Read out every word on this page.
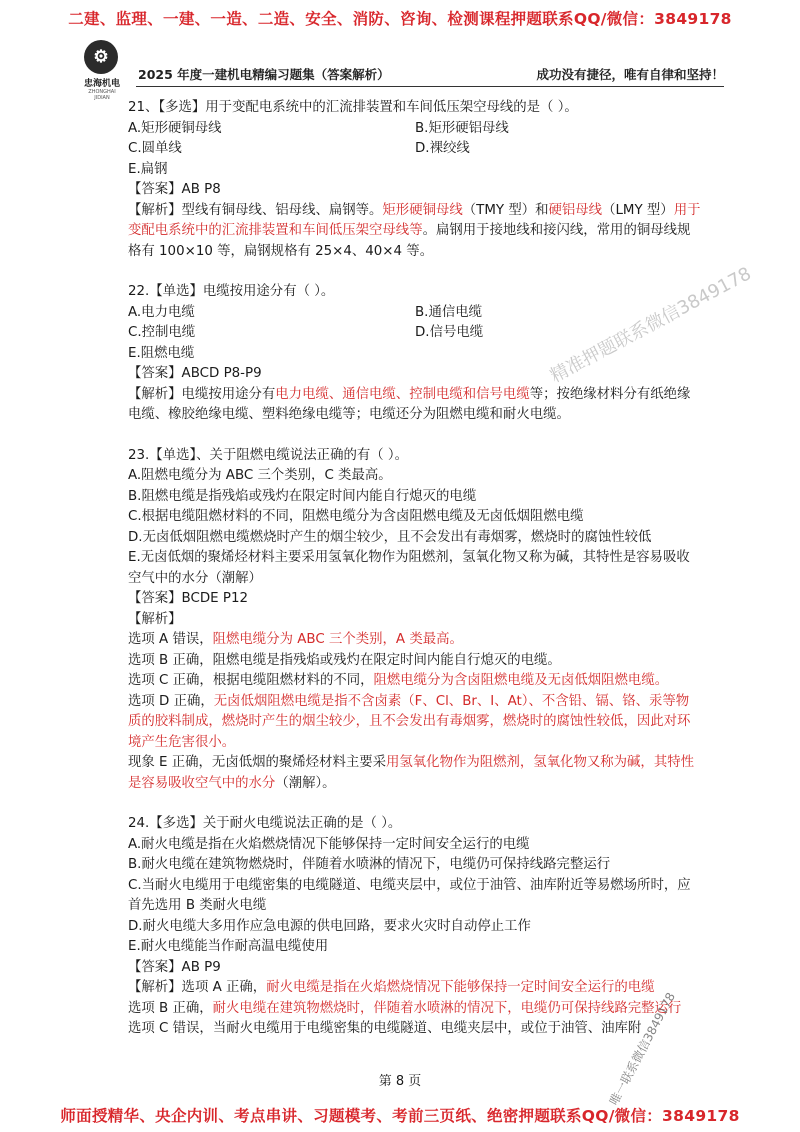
二建、监理、一建、一造、二造、安全、消防、咨询、检测课程押题联系QQ/微信：3849178
⚙
忠海机电
ZHONGHAI JIDIAN
2025 年度一建机电精编习题集（答案解析）	成功没有捷径，唯有自律和坚持！
精准押题联系微信3849178
21、【多选】用于变配电系统中的汇流排装置和车间低压架空母线的是（ ）。
A.矩形硬铜母线	B.矩形硬铝母线
C.圆单线	D.裸绞线
E.扁钢
【答案】AB P8
【解析】型线有铜母线、铝母线、扁钢等。矩形硬铜母线（TMY 型）和硬铝母线（LMY 型）用于变配电系统中的汇流排装置和车间低压架空母线等。扁钢用于接地线和接闪线，常用的铜母线规格有 100×10 等，扁钢规格有 25×4、40×4 等。
22.【单选】电缆按用途分有（ ）。
A.电力电缆	B.通信电缆
C.控制电缆	D.信号电缆
E.阻燃电缆
【答案】ABCD P8-P9
【解析】电缆按用途分有电力电缆、通信电缆、控制电缆和信号电缆等；按绝缘材料分有纸绝缘电缆、橡胶绝缘电缆、塑料绝缘电缆等；电缆还分为阻燃电缆和耐火电缆。
23.【单选】、关于阻燃电缆说法正确的有（ ）。
A.阻燃电缆分为 ABC 三个类别，C 类最高。
B.阻燃电缆是指残焰或残灼在限定时间内能自行熄灭的电缆
C.根据电缆阻燃材料的不同，阻燃电缆分为含卤阻燃电缆及无卤低烟阻燃电缆
D.无卤低烟阻燃电缆燃烧时产生的烟尘较少，且不会发出有毒烟雾，燃烧时的腐蚀性较低
E.无卤低烟的聚烯烃材料主要采用氢氧化物作为阻燃剂，氢氧化物又称为碱，其特性是容易吸收空气中的水分（潮解）
【答案】BCDE P12
【解析】
选项 A 错误，阻燃电缆分为 ABC 三个类别，A 类最高。
选项 B 正确，阻燃电缆是指残焰或残灼在限定时间内能自行熄灭的电缆。
选项 C 正确，根据电缆阻燃材料的不同，阻燃电缆分为含卤阻燃电缆及无卤低烟阻燃电缆。
选项 D 正确，无卤低烟阻燃电缆是指不含卤素（F、Cl、Br、I、At）、不含铅、镉、铬、汞等物质的胶料制成，燃烧时产生的烟尘较少，且不会发出有毒烟雾，燃烧时的腐蚀性较低，因此对环境产生危害很小。
现象 E 正确，无卤低烟的聚烯烃材料主要采用氢氧化物作为阻燃剂，氢氧化物又称为碱，其特性是容易吸收空气中的水分（潮解）。
24.【多选】关于耐火电缆说法正确的是（ ）。
A.耐火电缆是指在火焰燃烧情况下能够保持一定时间安全运行的电缆
B.耐火电缆在建筑物燃烧时，伴随着水喷淋的情况下，电缆仍可保持线路完整运行
C.当耐火电缆用于电缆密集的电缆隧道、电缆夹层中，或位于油管、油库附近等易燃场所时，应首先选用 B 类耐火电缆
D.耐火电缆大多用作应急电源的供电回路，要求火灾时自动停止工作
E.耐火电缆能当作耐高温电缆使用
【答案】AB P9
【解析】选项 A 正确，耐火电缆是指在火焰燃烧情况下能够保持一定时间安全运行的电缆
选项 B 正确，耐火电缆在建筑物燃烧时，伴随着水喷淋的情况下，电缆仍可保持线路完整运行
选项 C 错误，当耐火电缆用于电缆密集的电缆隧道、电缆夹层中，或位于油管、油库附
第 8 页	唯一联系微信3849178
师面授精华、央企内训、考点串讲、习题模考、考前三页纸、绝密押题联系QQ/微信：3849178
